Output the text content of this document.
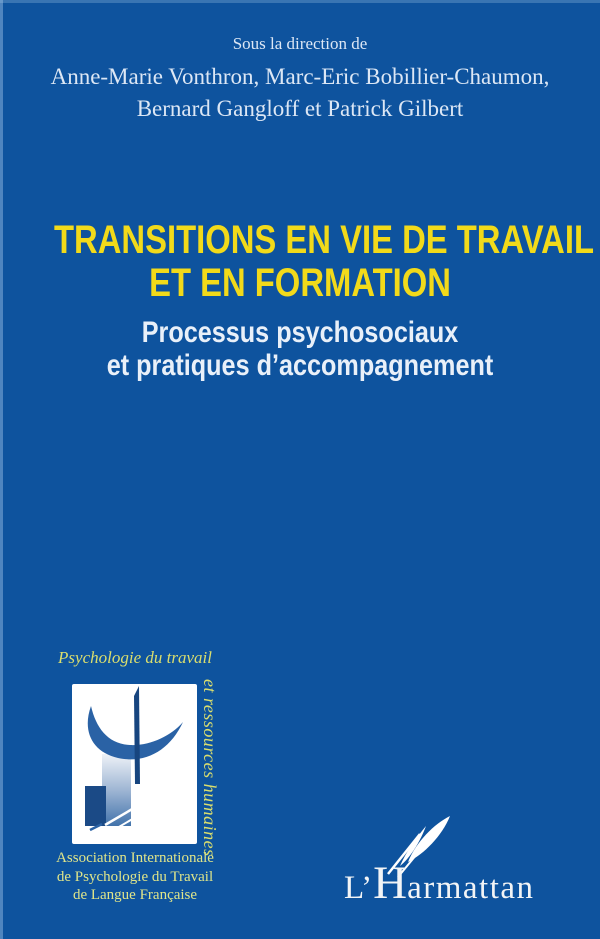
Sous la direction de
Anne-Marie Vonthron, Marc-Eric Bobillier-Chaumon,
Bernard Gangloff et Patrick Gilbert
TRANSITIONS EN VIE DE TRAVAIL
ET EN FORMATION
Processus psychosociaux
et pratiques d’accompagnement
Psychologie du travail
et ressources humaines
Association Internationale
de Psychologie du Travail
de Langue Française	L’ H armattan
